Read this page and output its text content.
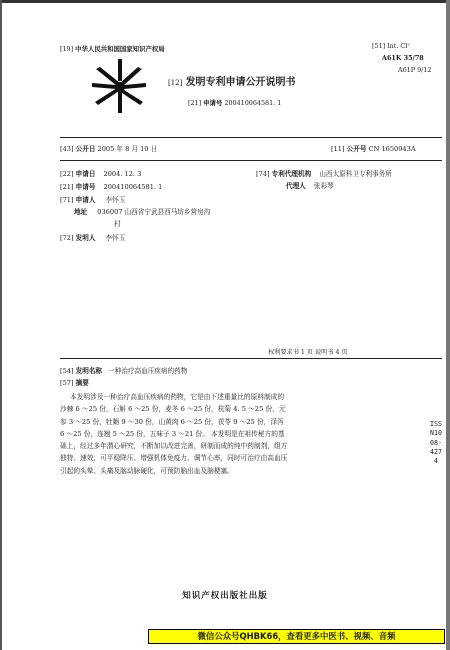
[19] 中华人民共和国国家知识产权局	[51] Int. Cl⁷
A61K 35/78
A61P 9/12
[12] 发明专利申请公开说明书
[21] 申请号 200410064581. 1
[43] 公开日 2005 年 8 月 10 日	[11] 公开号 CN 1650943A
[22] 申请日 2004. 12. 3
[21] 申请号 200410064581. 1
[71] 申请人 李怀玉
地址 036007 山西省宁武县西马坊乡营房沟
村
[72] 发明人 李怀玉
[74] 专利代理机构 山西太原科卫专利事务所
代理人 张彩琴
权利要求书 1 页 说明书 4 页
[54] 发明名称 一种治疗高血压疾病的药物
[57] 摘要

本发明涉及一种治疗高血压疾病的药物，它是由下述重量比的原料制成的沙棘 6 ～25 份，石斛 6 ～25 份，麦冬 6 ～25 份，杭菊 4. 5 ～25 份，元参 3 ～25 份，牡蛎 9 ～30 份，山黄肉 6 ～25 份，茯苓 9 ～25 份，泽泻 6 ～25 份，连翘 5 ～25 份，五味子 3 ～21 份。 本发明是在祖传秘方的基础上，经过多年潜心研究，不断加以改进完善，研制而成的纯中药制剂，组方独特、速效，可平稳降压、增强机体免疫力、调节心率，同时可治疗由高血压引起的头晕、头痛及脑动脉硬化，可预防脑出血及脑梗塞。

ISSN1008-4274
知识产权出版社出版
微信公众号QHBK66，查看更多中医书、视频、音频
